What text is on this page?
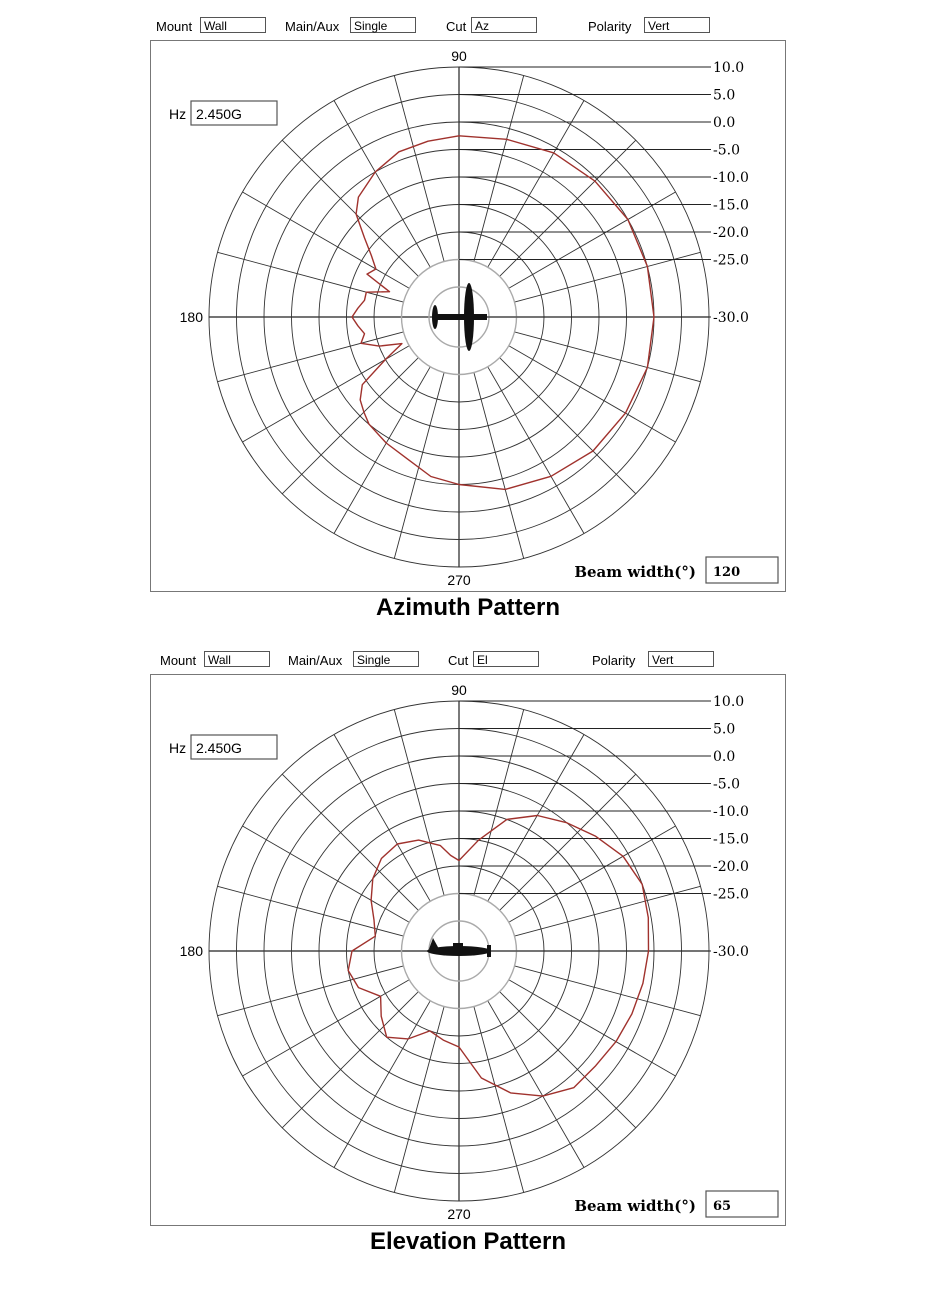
Mount Wall	Main/Aux	Single	Cut Az	Polarity	Vert
10.0
5.0
0.0
-5.0
-10.0
-15.0
-20.0
-25.0
-30.0
90
180
270
Hz 2.450G
Beam width(°) 120
Azimuth Pattern
Mount Wall	Main/Aux	Single	Cut El	Polarity	Vert
10.0
5.0
0.0
-5.0
-10.0
-15.0
-20.0
-25.0
-30.0
90
180
270
Hz 2.450G
Beam width(°) 65
Elevation Pattern
